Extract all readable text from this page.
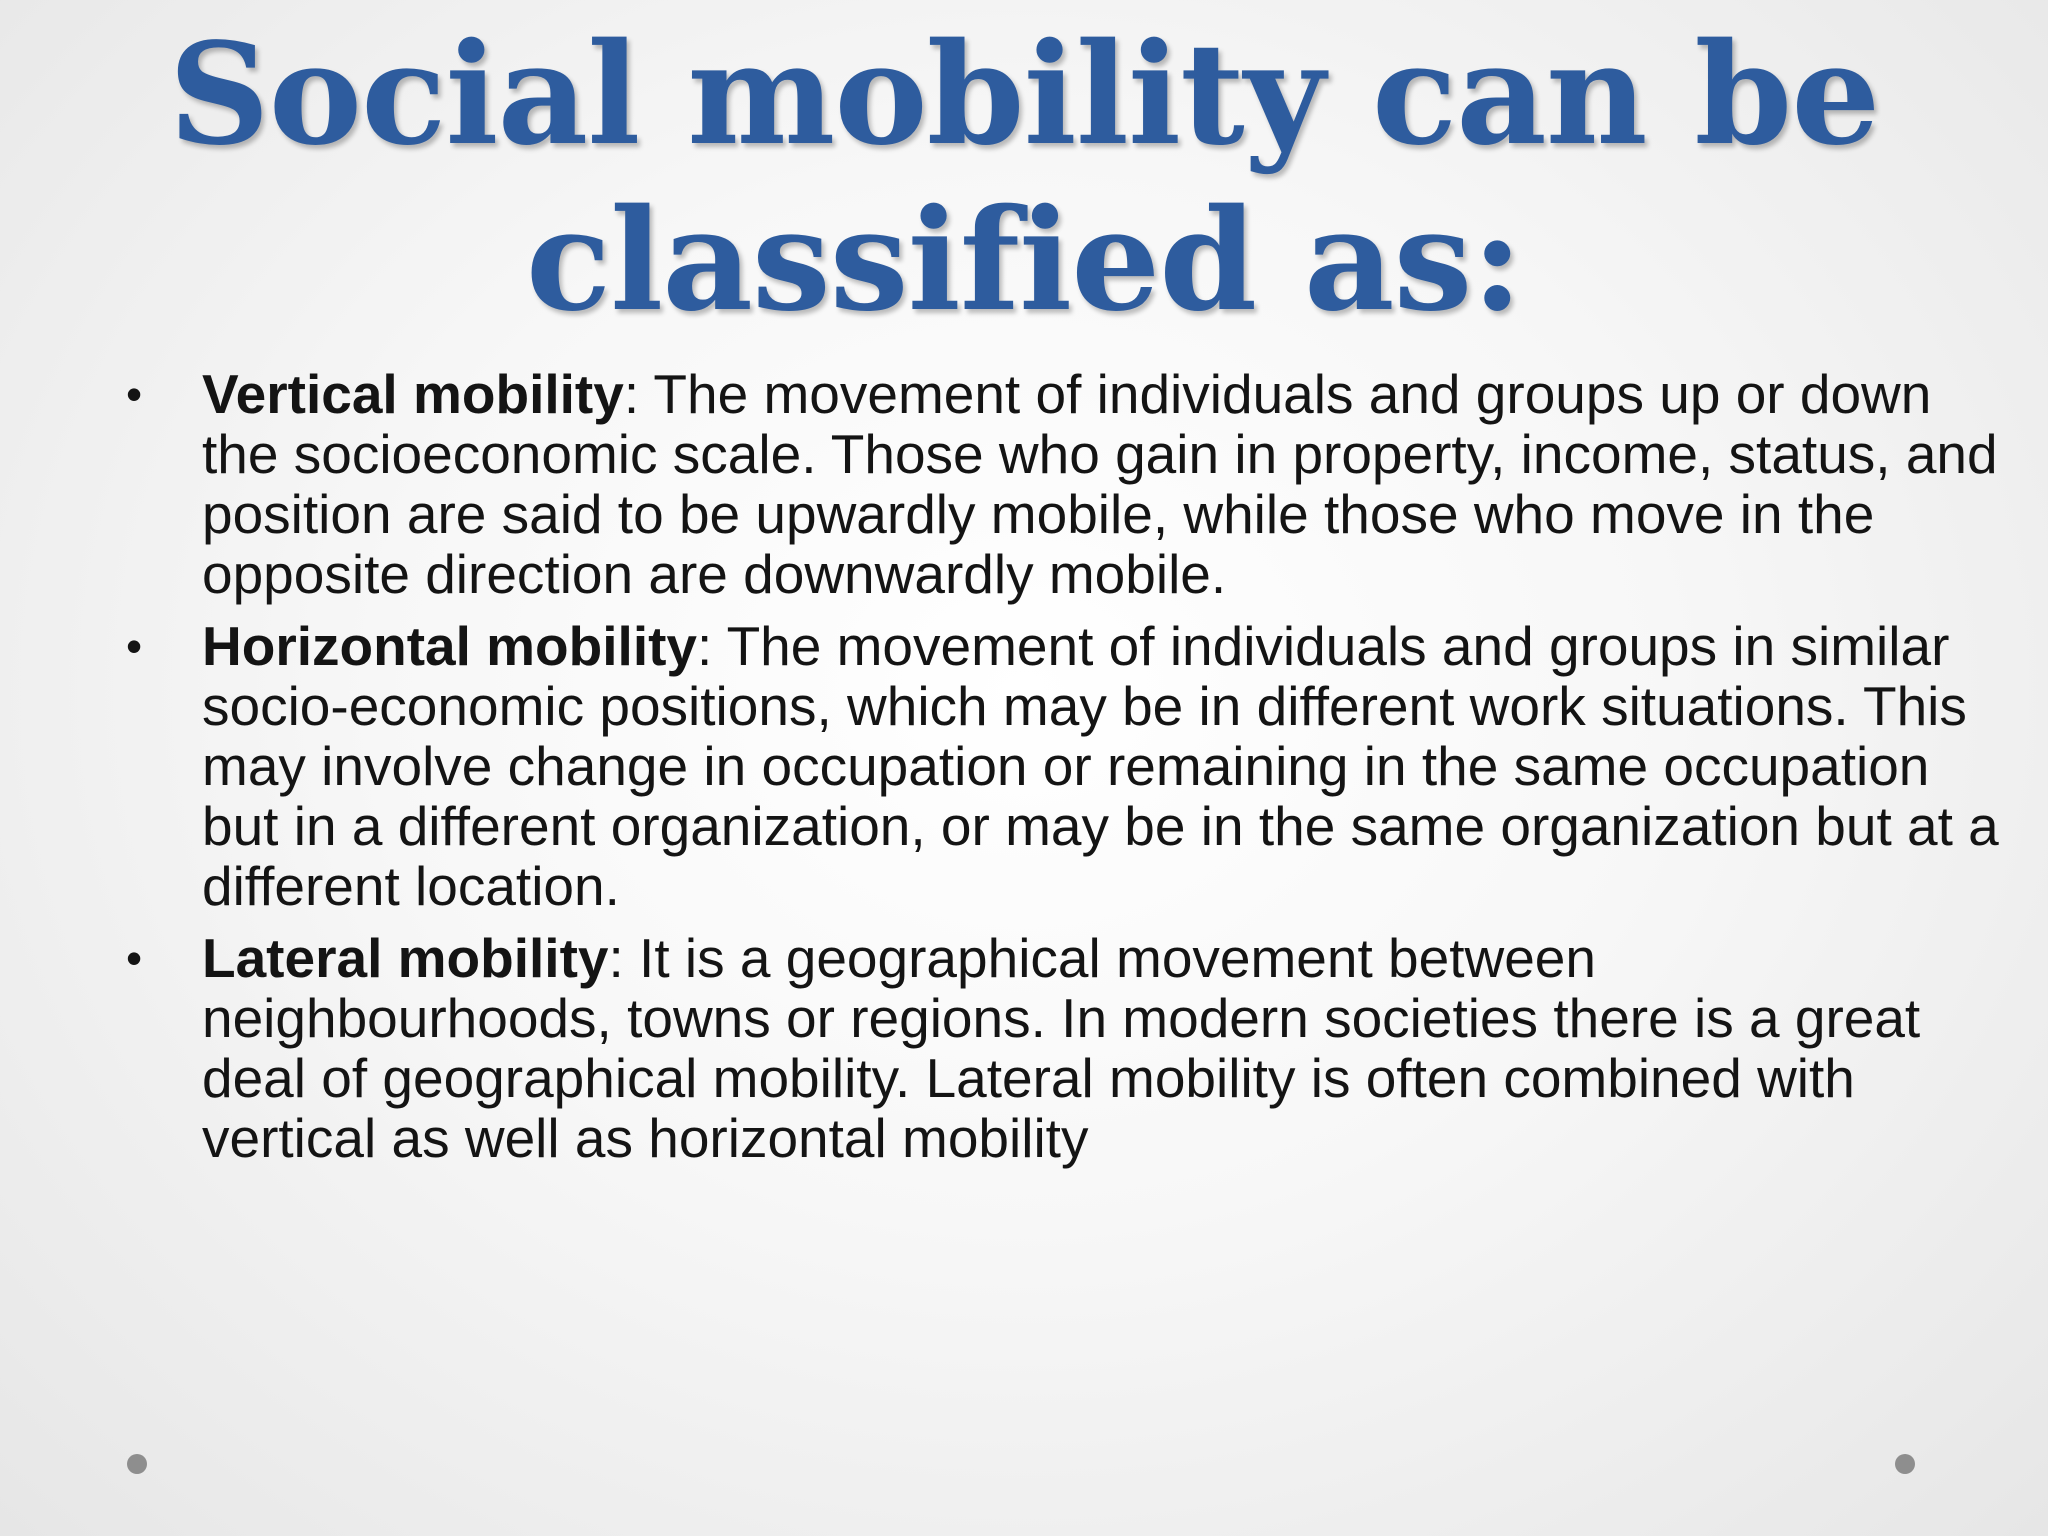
Social mobility can be
classified as:
• Vertical mobility: The movement of individuals and groups up or down the socioeconomic scale. Those who gain in property, income, status, and position are said to be upwardly mobile, while those who move in the opposite direction are downwardly mobile.
• Horizontal mobility: The movement of individuals and groups in similar socio-economic positions, which may be in different work situations. This may involve change in occupation or remaining in the same occupation but in a different organization, or may be in the same organization but at a different location.
• Lateral mobility: It is a geographical movement between neighbourhoods, towns or regions. In modern societies there is a great deal of geographical mobility. Lateral mobility is often combined with vertical as well as horizontal mobility
